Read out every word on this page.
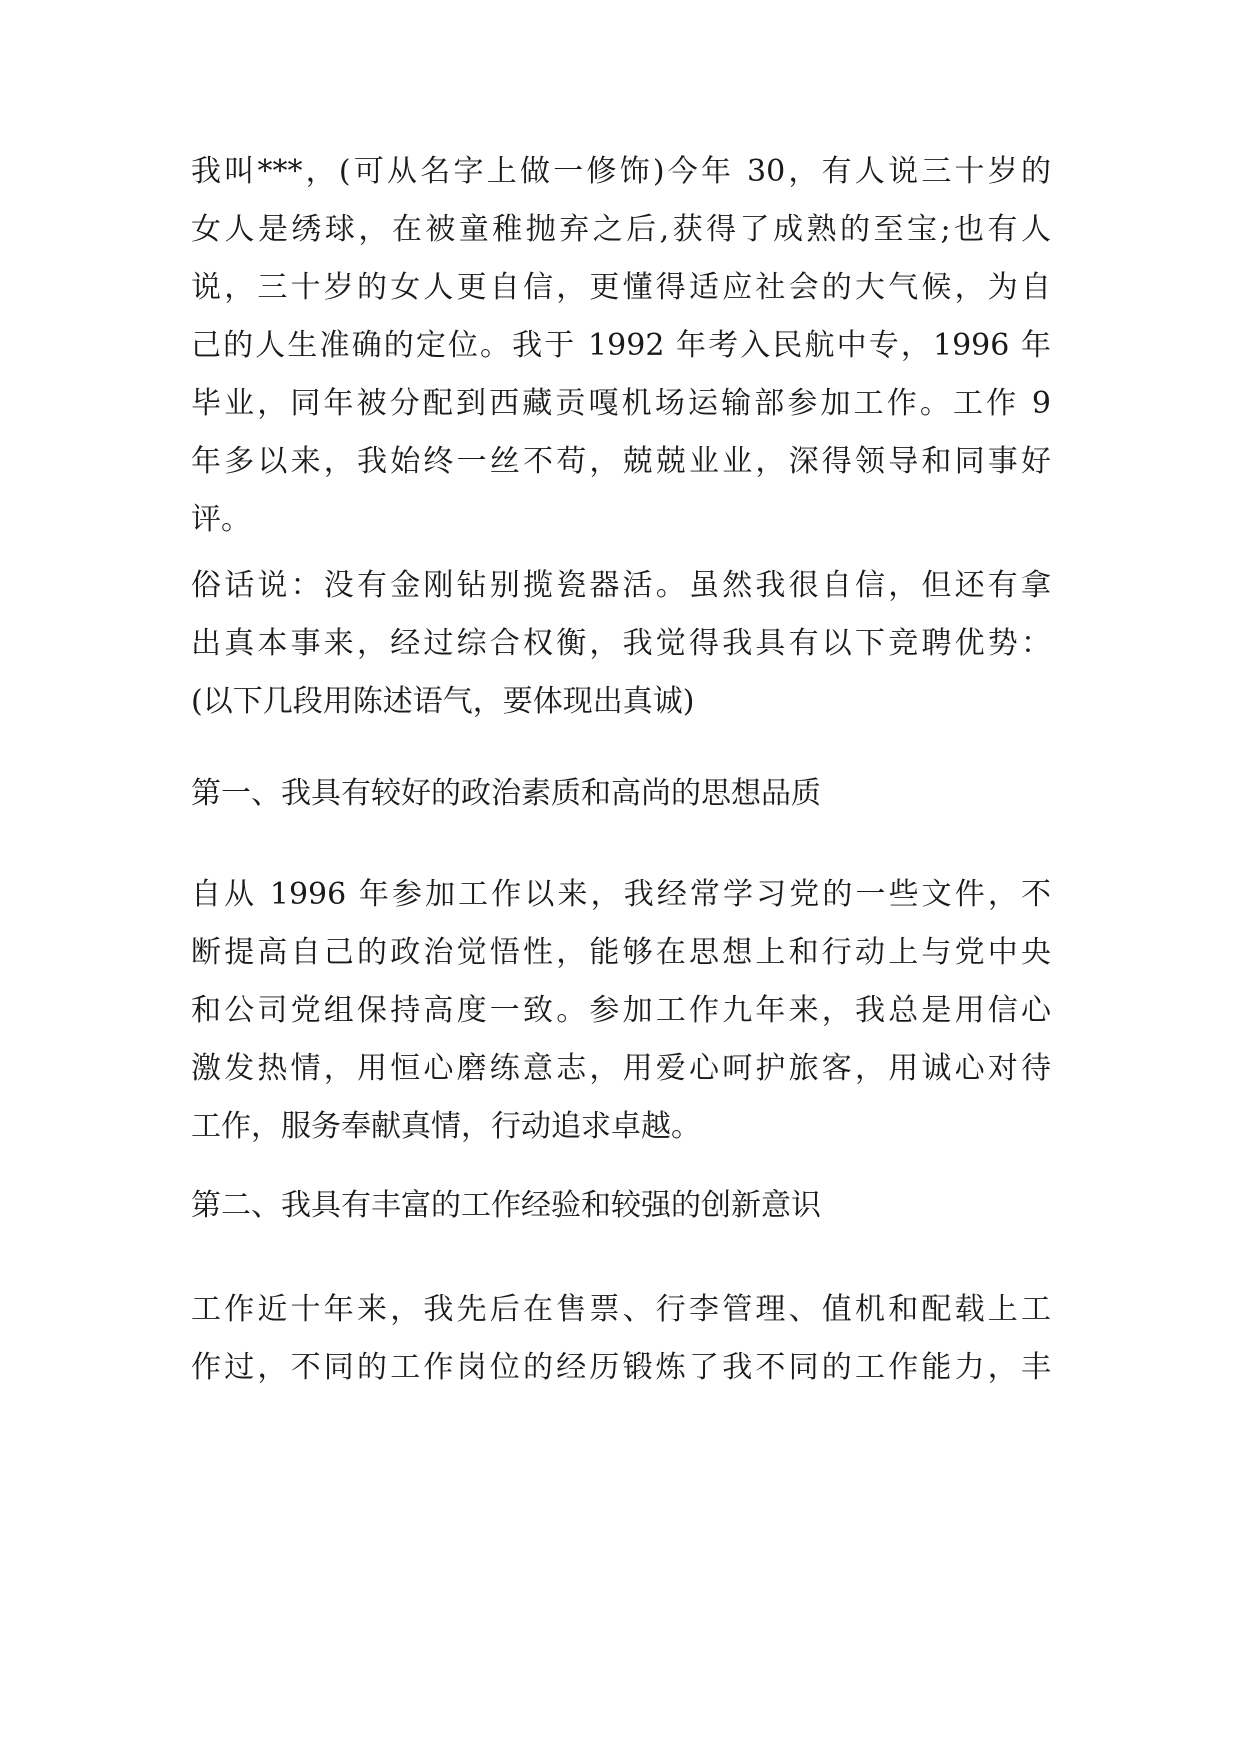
我叫***，(可从名字上做一修饰)今年 30，有人说三十岁的
女人是绣球，在被童稚抛弃之后,获得了成熟的至宝;也有人
说，三十岁的女人更自信，更懂得适应社会的大气候，为自
己的人生准确的定位。我于 1992 年考入民航中专，1996 年
毕业，同年被分配到西藏贡嘎机场运输部参加工作。工作 9
年多以来，我始终一丝不苟，兢兢业业，深得领导和同事好
评。

俗话说：没有金刚钻别揽瓷器活。虽然我很自信，但还有拿
出真本事来，经过综合权衡，我觉得我具有以下竞聘优势：
(以下几段用陈述语气，要体现出真诚)

第一、我具有较好的政治素质和高尚的思想品质

自从 1996 年参加工作以来，我经常学习党的一些文件，不
断提高自己的政治觉悟性，能够在思想上和行动上与党中央
和公司党组保持高度一致。参加工作九年来，我总是用信心
激发热情，用恒心磨练意志，用爱心呵护旅客，用诚心对待
工作，服务奉献真情，行动追求卓越。

第二、我具有丰富的工作经验和较强的创新意识

工作近十年来，我先后在售票、行李管理、值机和配载上工
作过，不同的工作岗位的经历锻炼了我不同的工作能力，丰
